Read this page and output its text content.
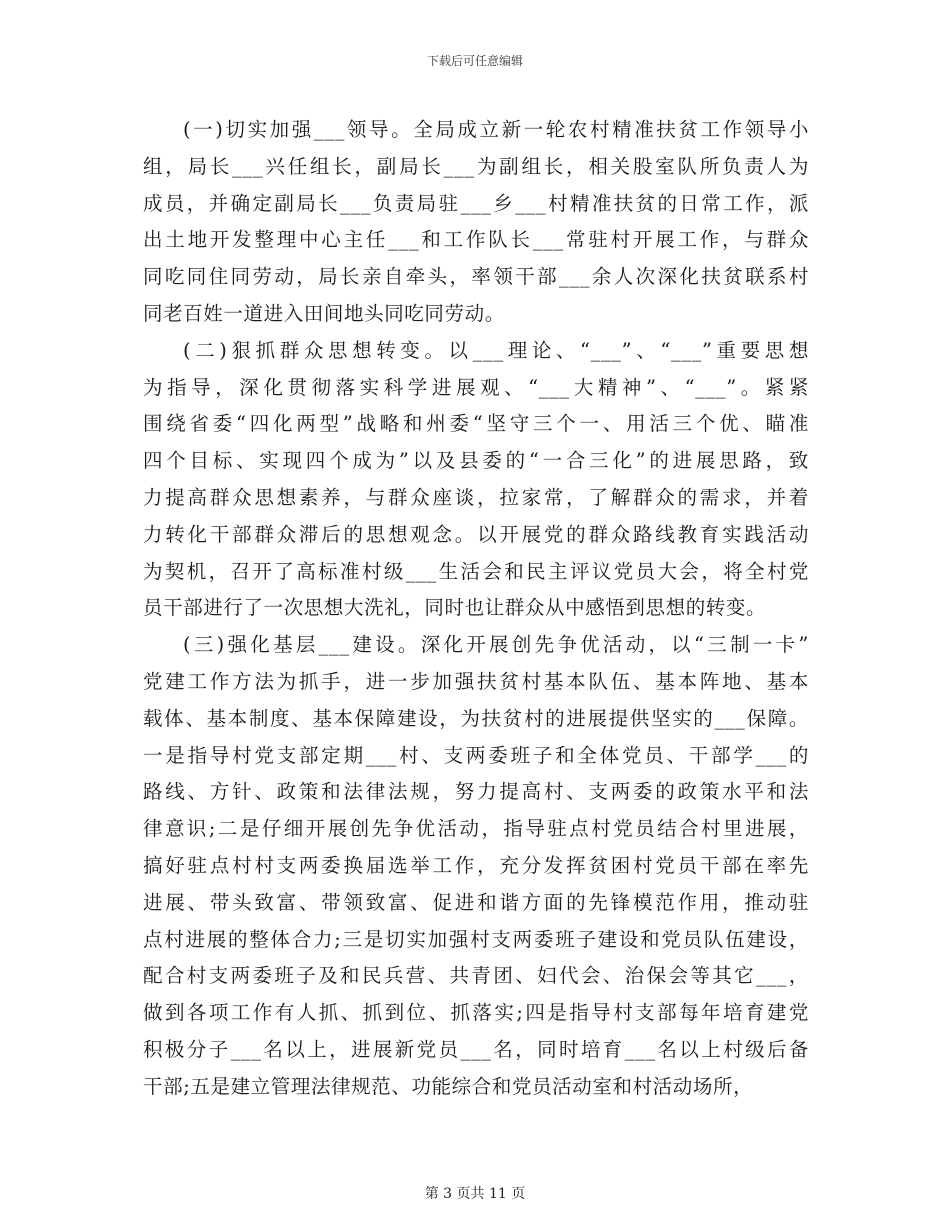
下载后可任意编辑
(一)切实加强___领导。全局成立新一轮农村精准扶贫工作领导小
组，局长___兴任组长，副局长___为副组长，相关股室队所负责人为
成员，并确定副局长___负责局驻___乡___村精准扶贫的日常工作，派
出土地开发整理中心主任___和工作队长___常驻村开展工作，与群众
同吃同住同劳动，局长亲自牵头，率领干部___余人次深化扶贫联系村
同老百姓一道进入田间地头同吃同劳动。
(二)狠抓群众思想转变。以___理论、“___”、“___”重要思想
为指导，深化贯彻落实科学进展观、“___大精神”、“___”。紧紧
围绕省委“四化两型”战略和州委“坚守三个一、用活三个优、瞄准
四个目标、实现四个成为”以及县委的“一合三化”的进展思路，致
力提高群众思想素养，与群众座谈，拉家常，了解群众的需求，并着
力转化干部群众滞后的思想观念。以开展党的群众路线教育实践活动
为契机，召开了高标准村级___生活会和民主评议党员大会，将全村党
员干部进行了一次思想大洗礼，同时也让群众从中感悟到思想的转变。
(三)强化基层___建设。深化开展创先争优活动，以“三制一卡”
党建工作方法为抓手，进一步加强扶贫村基本队伍、基本阵地、基本
载体、基本制度、基本保障建设，为扶贫村的进展提供坚实的___保障。
一是指导村党支部定期___村、支两委班子和全体党员、干部学___的
路线、方针、政策和法律法规，努力提高村、支两委的政策水平和法
律意识;二是仔细开展创先争优活动，指导驻点村党员结合村里进展，
搞好驻点村村支两委换届选举工作，充分发挥贫困村党员干部在率先
进展、带头致富、带领致富、促进和谐方面的先锋模范作用，推动驻
点村进展的整体合力;三是切实加强村支两委班子建设和党员队伍建设，
配合村支两委班子及和民兵营、共青团、妇代会、治保会等其它___，
做到各项工作有人抓、抓到位、抓落实;四是指导村支部每年培育建党
积极分子___名以上，进展新党员___名，同时培育___名以上村级后备
干部;五是建立管理法律规范、功能综合和党员活动室和村活动场所，
第 3 页共 11 页
